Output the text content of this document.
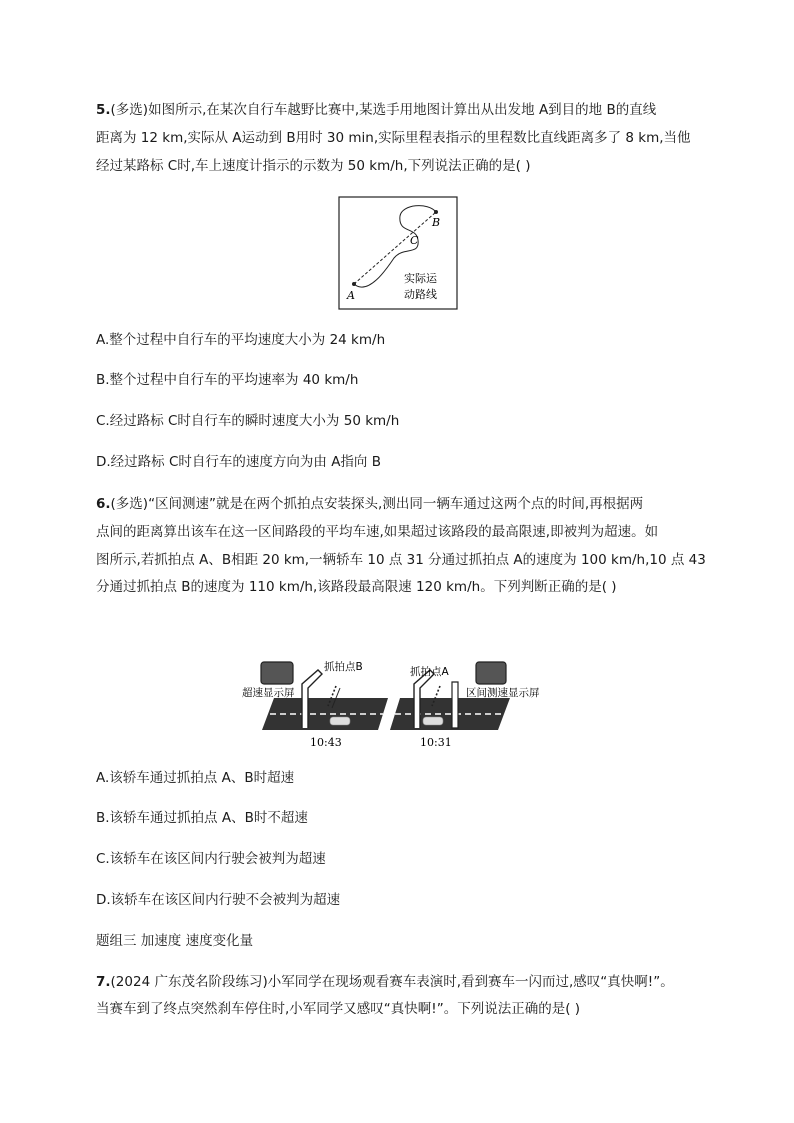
5.(多选)如图所示,在某次自行车越野比赛中,某选手用地图计算出从出发地 A到目的地 B的直线
距离为 12 km,实际从 A运动到 B用时 30 min,实际里程表指示的里程数比直线距离多了 8 km,当他
经过某路标 C时,车上速度计指示的示数为 50 km/h,下列说法正确的是( )
A
B
C
实际运
动路线
A.整个过程中自行车的平均速度大小为 24 km/h
B.整个过程中自行车的平均速率为 40 km/h
C.经过路标 C时自行车的瞬时速度大小为 50 km/h
D.经过路标 C时自行车的速度方向为由 A指向 B
6.(多选)“区间测速”就是在两个抓拍点安装探头,测出同一辆车通过这两个点的时间,再根据两
点间的距离算出该车在这一区间路段的平均车速,如果超过该路段的最高限速,即被判为超速。如
图所示,若抓拍点 A、B相距 20 km,一辆轿车 10 点 31 分通过抓拍点 A的速度为 100 km/h,10 点 43
分通过抓拍点 B的速度为 110 km/h,该路段最高限速 120 km/h。下列判断正确的是( )
超速显示屏
抓拍点B	抓拍点A
区间测速显示屏
10:43	10:31
A.该轿车通过抓拍点 A、B时超速
B.该轿车通过抓拍点 A、B时不超速
C.该轿车在该区间内行驶会被判为超速
D.该轿车在该区间内行驶不会被判为超速
题组三 加速度 速度变化量
7.(2024 广东茂名阶段练习)小军同学在现场观看赛车表演时,看到赛车一闪而过,感叹“真快啊!”。
当赛车到了终点突然刹车停住时,小军同学又感叹“真快啊!”。下列说法正确的是( )
